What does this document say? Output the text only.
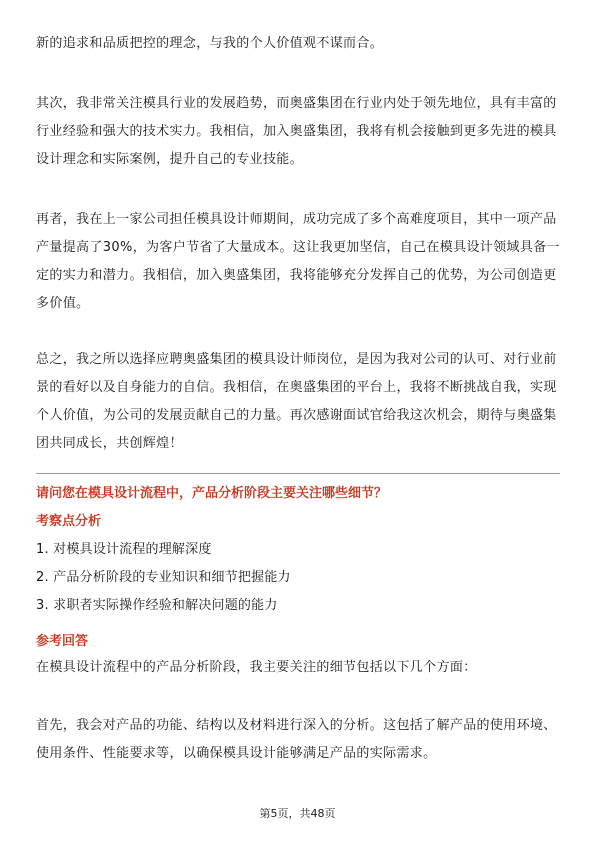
新的追求和品质把控的理念，与我的个人价值观不谋而合。

其次，我非常关注模具行业的发展趋势，而奥盛集团在行业内处于领先地位，具有丰富的行业经验和强大的技术实力。我相信，加入奥盛集团，我将有机会接触到更多先进的模具设计理念和实际案例，提升自己的专业技能。

再者，我在上一家公司担任模具设计师期间，成功完成了多个高难度项目，其中一项产品产量提高了30%，为客户节省了大量成本。这让我更加坚信，自己在模具设计领域具备一定的实力和潜力。我相信，加入奥盛集团，我将能够充分发挥自己的优势，为公司创造更多价值。

总之，我之所以选择应聘奥盛集团的模具设计师岗位，是因为我对公司的认可、对行业前景的看好以及自身能力的自信。我相信，在奥盛集团的平台上，我将不断挑战自我，实现个人价值，为公司的发展贡献自己的力量。再次感谢面试官给我这次机会，期待与奥盛集团共同成长，共创辉煌！

请问您在模具设计流程中，产品分析阶段主要关注哪些细节？

考察点分析

1. 对模具设计流程的理解深度

2. 产品分析阶段的专业知识和细节把握能力

3. 求职者实际操作经验和解决问题的能力

参考回答

在模具设计流程中的产品分析阶段，我主要关注的细节包括以下几个方面：

首先，我会对产品的功能、结构以及材料进行深入的分析。这包括了解产品的使用环境、使用条件、性能要求等，以确保模具设计能够满足产品的实际需求。

第5页，共48页
